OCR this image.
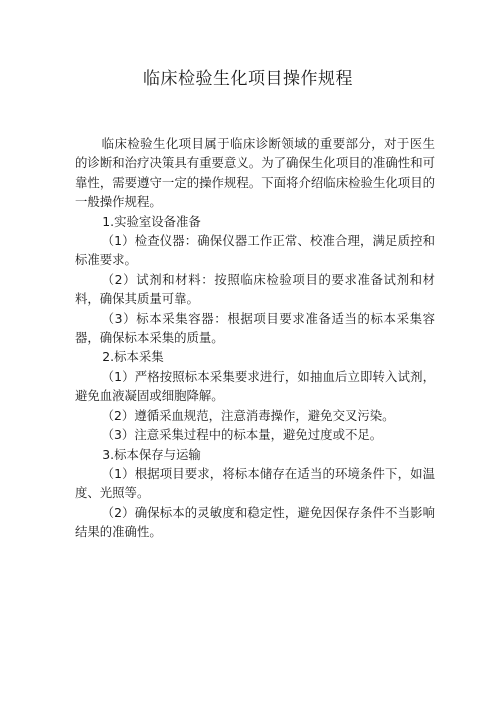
临床检验生化项目操作规程

临床检验生化项目属于临床诊断领域的重要部分，对于医生的诊断和治疗决策具有重要意义。为了确保生化项目的准确性和可靠性，需要遵守一定的操作规程。下面将介绍临床检验生化项目的一般操作规程。

1.实验室设备准备

（1）检查仪器：确保仪器工作正常、校准合理，满足质控和标准要求。

（2）试剂和材料：按照临床检验项目的要求准备试剂和材料，确保其质量可靠。

（3）标本采集容器：根据项目要求准备适当的标本采集容器，确保标本采集的质量。

2.标本采集

（1）严格按照标本采集要求进行，如抽血后立即转入试剂，避免血液凝固或细胞降解。

（2）遵循采血规范，注意消毒操作，避免交叉污染。

（3）注意采集过程中的标本量，避免过度或不足。

3.标本保存与运输

（1）根据项目要求，将标本储存在适当的环境条件下，如温度、光照等。

（2）确保标本的灵敏度和稳定性，避免因保存条件不当影响结果的准确性。
